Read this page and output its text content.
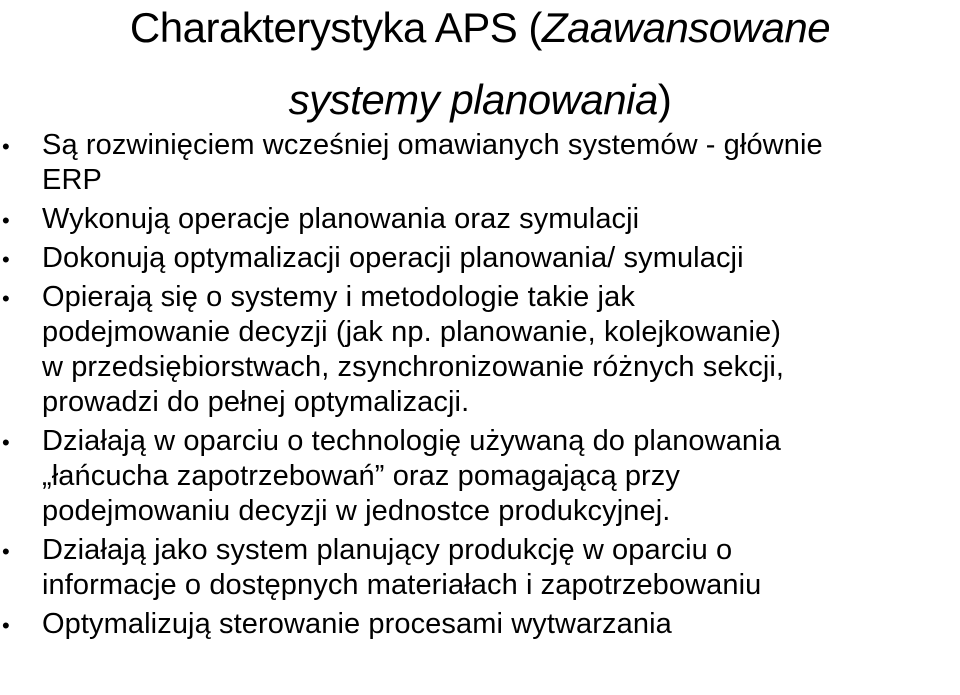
Charakterystyka APS (Zaawansowane
systemy planowania)
• Są rozwinięciem wcześniej omawianych systemów - głównie
ERP
• Wykonują operacje planowania oraz symulacji
• Dokonują optymalizacji operacji planowania/ symulacji
• Opierają się o systemy i metodologie takie jak
podejmowanie decyzji (jak np. planowanie, kolejkowanie)
w przedsiębiorstwach, zsynchronizowanie różnych sekcji,
prowadzi do pełnej optymalizacji.
• Działają w oparciu o technologię używaną do planowania
„łańcucha zapotrzebowań” oraz pomagającą przy
podejmowaniu decyzji w jednostce produkcyjnej.
• Działają jako system planujący produkcję w oparciu o
informacje o dostępnych materiałach i zapotrzebowaniu
• Optymalizują sterowanie procesami wytwarzania
